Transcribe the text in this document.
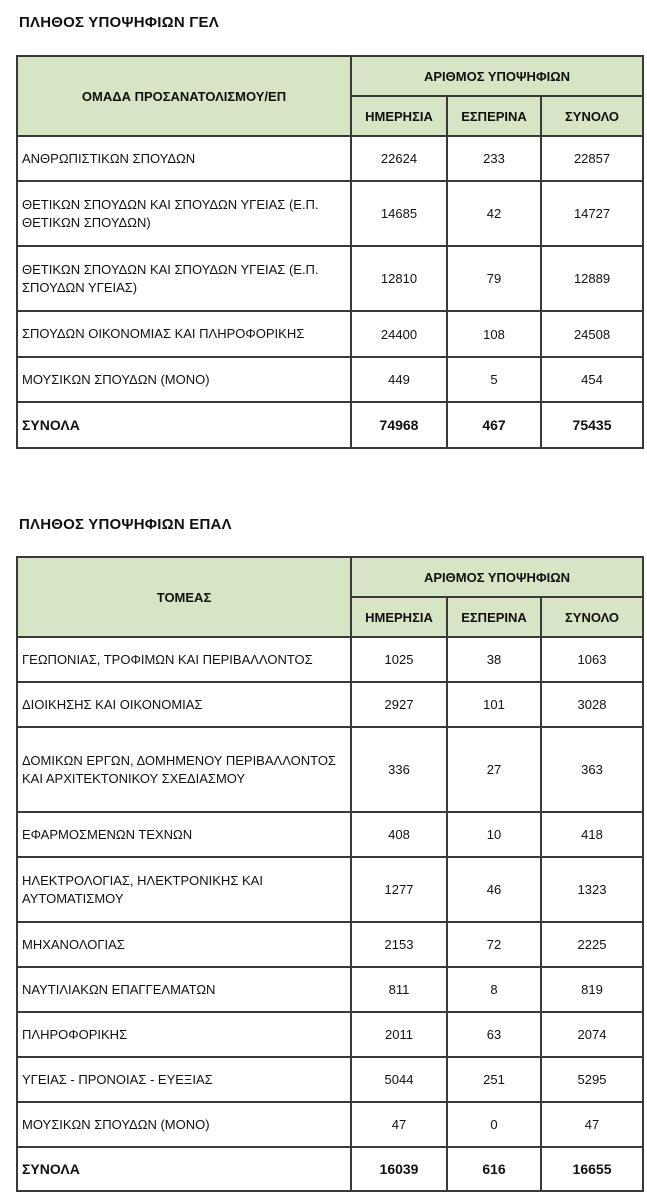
ΠΛΗΘΟΣ ΥΠΟΨΗΦΙΩΝ ΓΕΛ
ΟΜΑΔΑ ΠΡΟΣΑΝΑΤΟΛΙΣΜΟΥ/ΕΠ	ΑΡΙΘΜΟΣ ΥΠΟΨΗΦΙΩΝ		
	ΗΜΕΡΗΣΙΑ	ΕΣΠΕΡΙΝΑ	ΣΥΝΟΛΟ
ΑΝΘΡΩΠΙΣΤΙΚΩΝ ΣΠΟΥΔΩΝ	22624	233	22857
ΘΕΤΙΚΩΝ ΣΠΟΥΔΩΝ ΚΑΙ ΣΠΟΥΔΩΝ ΥΓΕΙΑΣ (Ε.Π. ΘΕΤΙΚΩΝ ΣΠΟΥΔΩΝ)	14685	42	14727
ΘΕΤΙΚΩΝ ΣΠΟΥΔΩΝ ΚΑΙ ΣΠΟΥΔΩΝ ΥΓΕΙΑΣ (Ε.Π. ΣΠΟΥΔΩΝ ΥΓΕΙΑΣ)	12810	79	12889
ΣΠΟΥΔΩΝ ΟΙΚΟΝΟΜΙΑΣ ΚΑΙ ΠΛΗΡΟΦΟΡΙΚΗΣ	24400	108	24508
ΜΟΥΣΙΚΩΝ ΣΠΟΥΔΩΝ (ΜΟΝΟ)	449	5	454
ΣΥΝΟΛΑ	74968	467	75435
ΠΛΗΘΟΣ ΥΠΟΨΗΦΙΩΝ ΕΠΑΛ
ΤΟΜΕΑΣ	ΑΡΙΘΜΟΣ ΥΠΟΨΗΦΙΩΝ		
	ΗΜΕΡΗΣΙΑ	ΕΣΠΕΡΙΝΑ	ΣΥΝΟΛΟ
ΓΕΩΠΟΝΙΑΣ, ΤΡΟΦΙΜΩΝ ΚΑΙ ΠΕΡΙΒΑΛΛΟΝΤΟΣ	1025	38	1063
ΔΙΟΙΚΗΣΗΣ ΚΑΙ ΟΙΚΟΝΟΜΙΑΣ	2927	101	3028
ΔΟΜΙΚΩΝ ΕΡΓΩΝ, ΔΟΜΗΜΕΝΟΥ ΠΕΡΙΒΑΛΛΟΝΤΟΣ ΚΑΙ ΑΡΧΙΤΕΚΤΟΝΙΚΟΥ ΣΧΕΔΙΑΣΜΟΥ	336	27	363
ΕΦΑΡΜΟΣΜΕΝΩΝ ΤΕΧΝΩΝ	408	10	418
ΗΛΕΚΤΡΟΛΟΓΙΑΣ, ΗΛΕΚΤΡΟΝΙΚΗΣ ΚΑΙ ΑΥΤΟΜΑΤΙΣΜΟΥ	1277	46	1323
ΜΗΧΑΝΟΛΟΓΙΑΣ	2153	72	2225
ΝΑΥΤΙΛΙΑΚΩΝ ΕΠΑΓΓΕΛΜΑΤΩΝ	811	8	819
ΠΛΗΡΟΦΟΡΙΚΗΣ	2011	63	2074
ΥΓΕΙΑΣ - ΠΡΟΝΟΙΑΣ - ΕΥΕΞΙΑΣ	5044	251	5295
ΜΟΥΣΙΚΩΝ ΣΠΟΥΔΩΝ (ΜΟΝΟ)	47	0	47
ΣΥΝΟΛΑ	16039	616	16655
